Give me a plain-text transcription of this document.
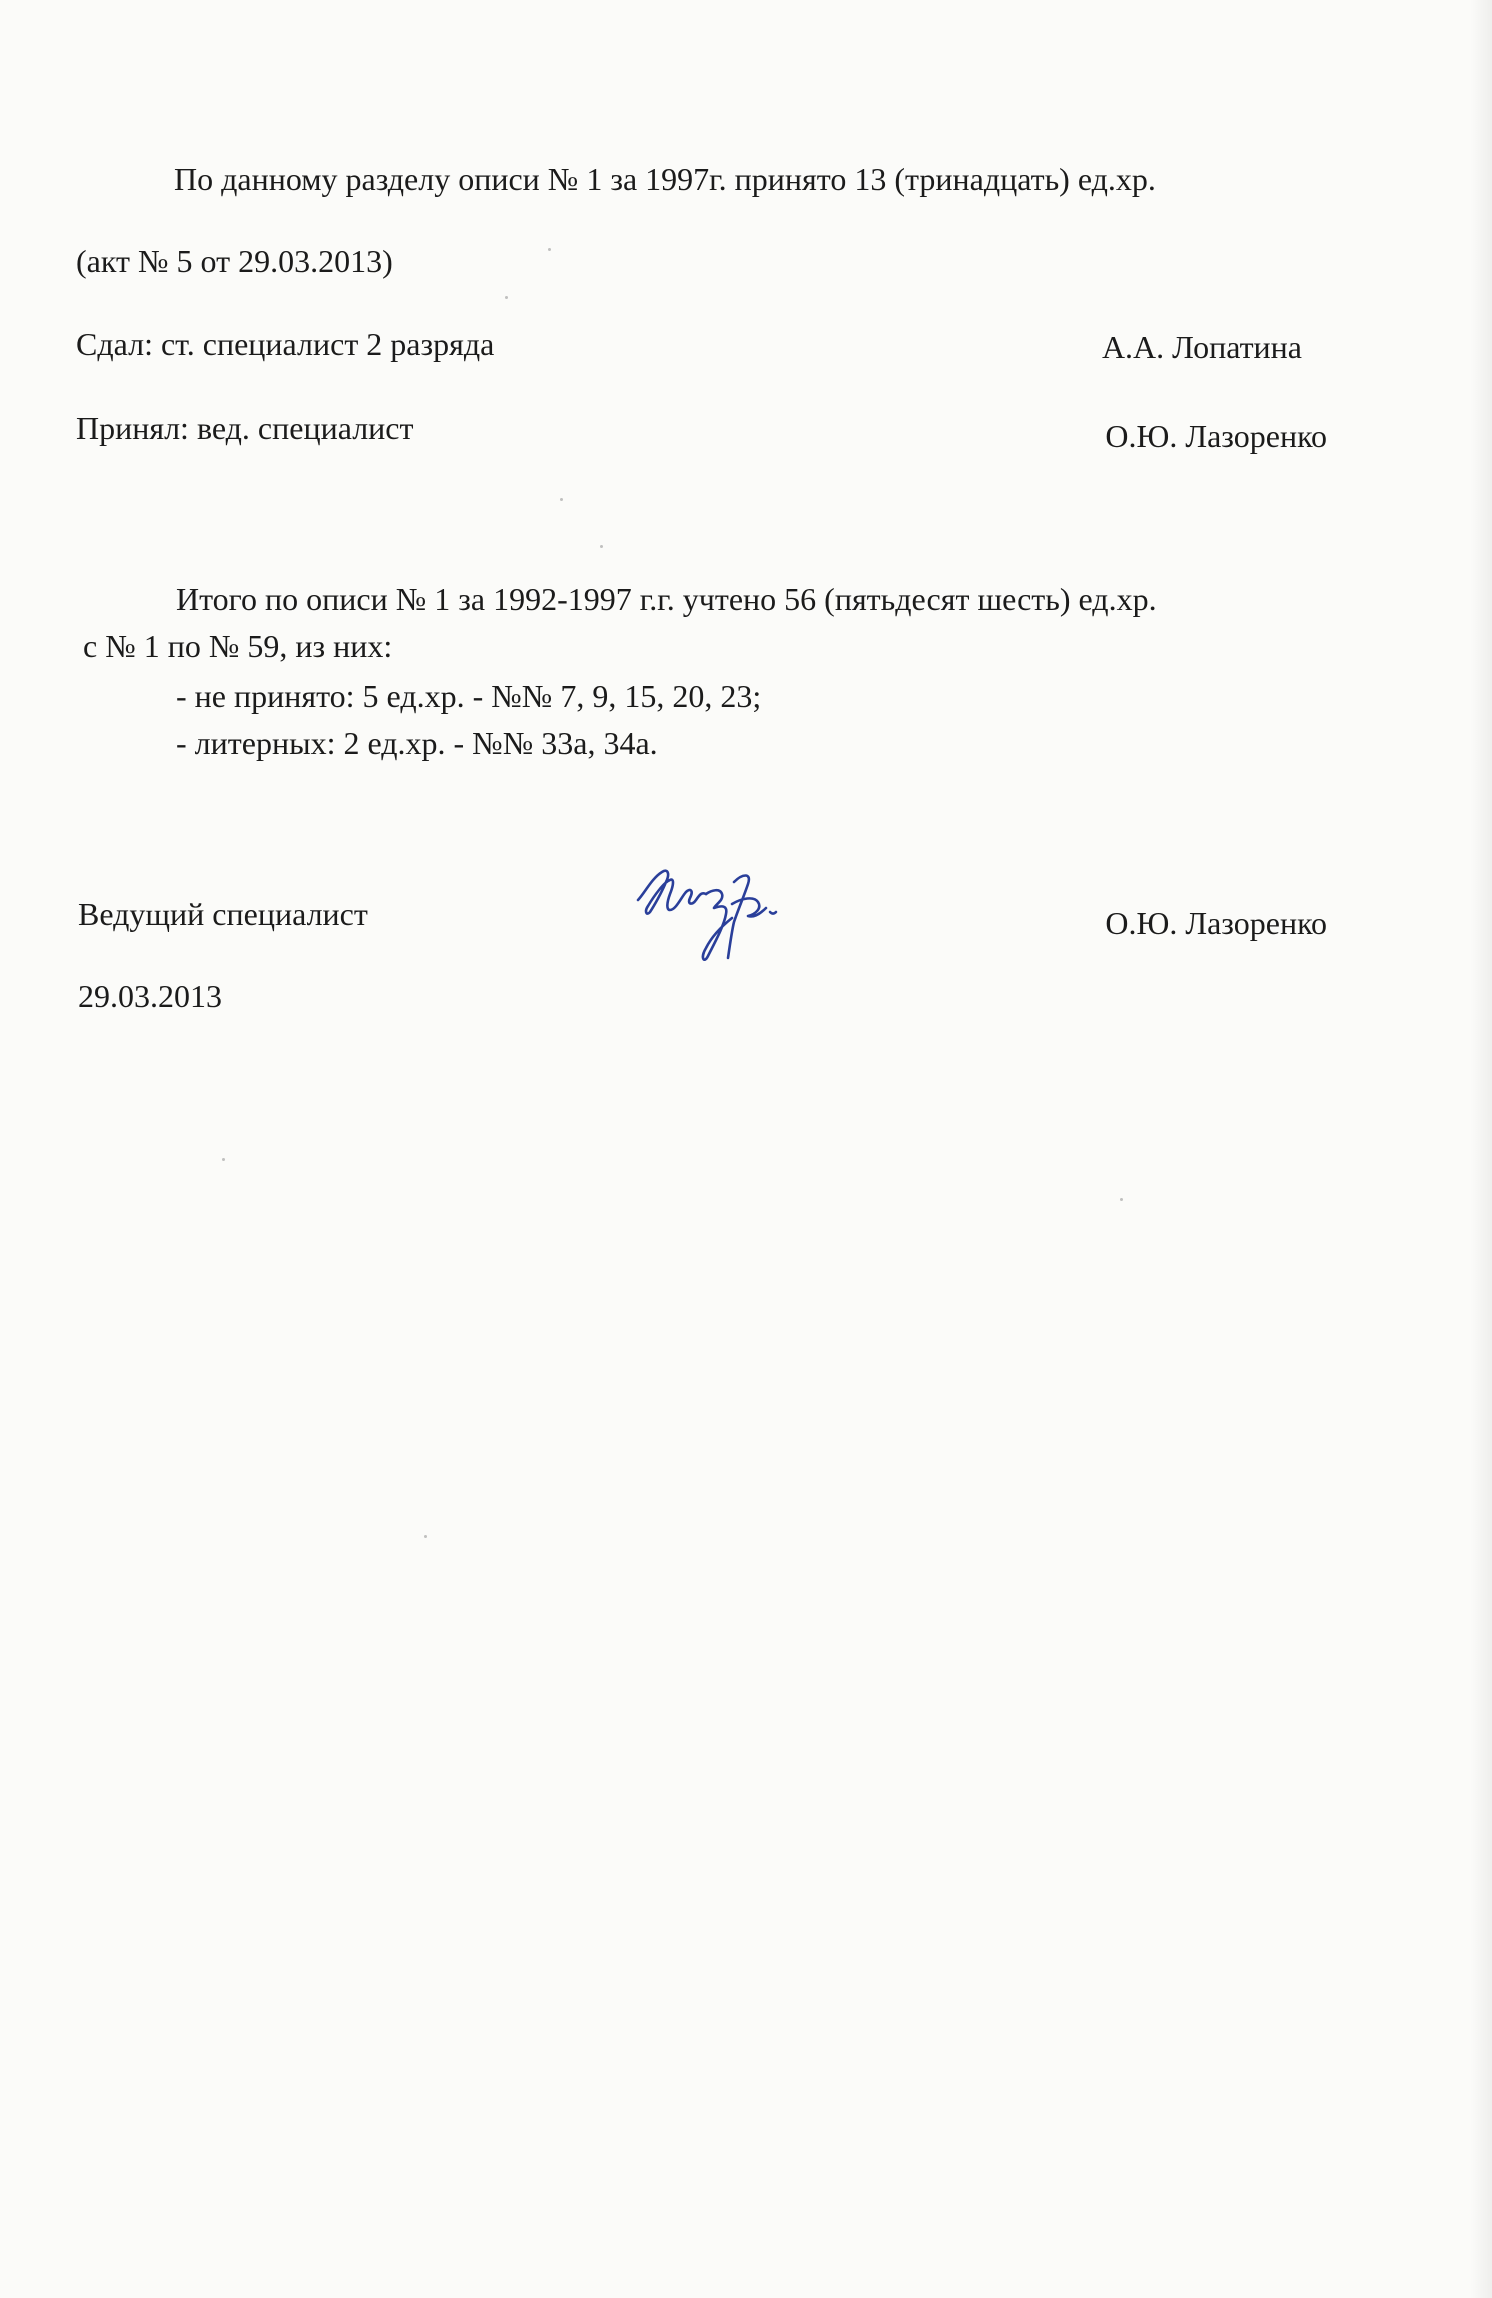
По данному разделу описи № 1 за 1997г. принято 13 (тринадцать) ед.хр.
(акт № 5 от 29.03.2013)
Сдал: ст. специалист 2 разряда	А.А. Лопатина
Принял: вед. специалист	О.Ю. Лазоренко
Итого по описи № 1 за 1992-1997 г.г. учтено 56 (пятьдесят шесть) ед.хр.
с № 1 по № 59, из них:
- не принято: 5 ед.хр. - №№ 7, 9, 15, 20, 23;
- литерных: 2 ед.хр. - №№ 33а, 34а.
Ведущий специалист	О.Ю. Лазоренко
29.03.2013
